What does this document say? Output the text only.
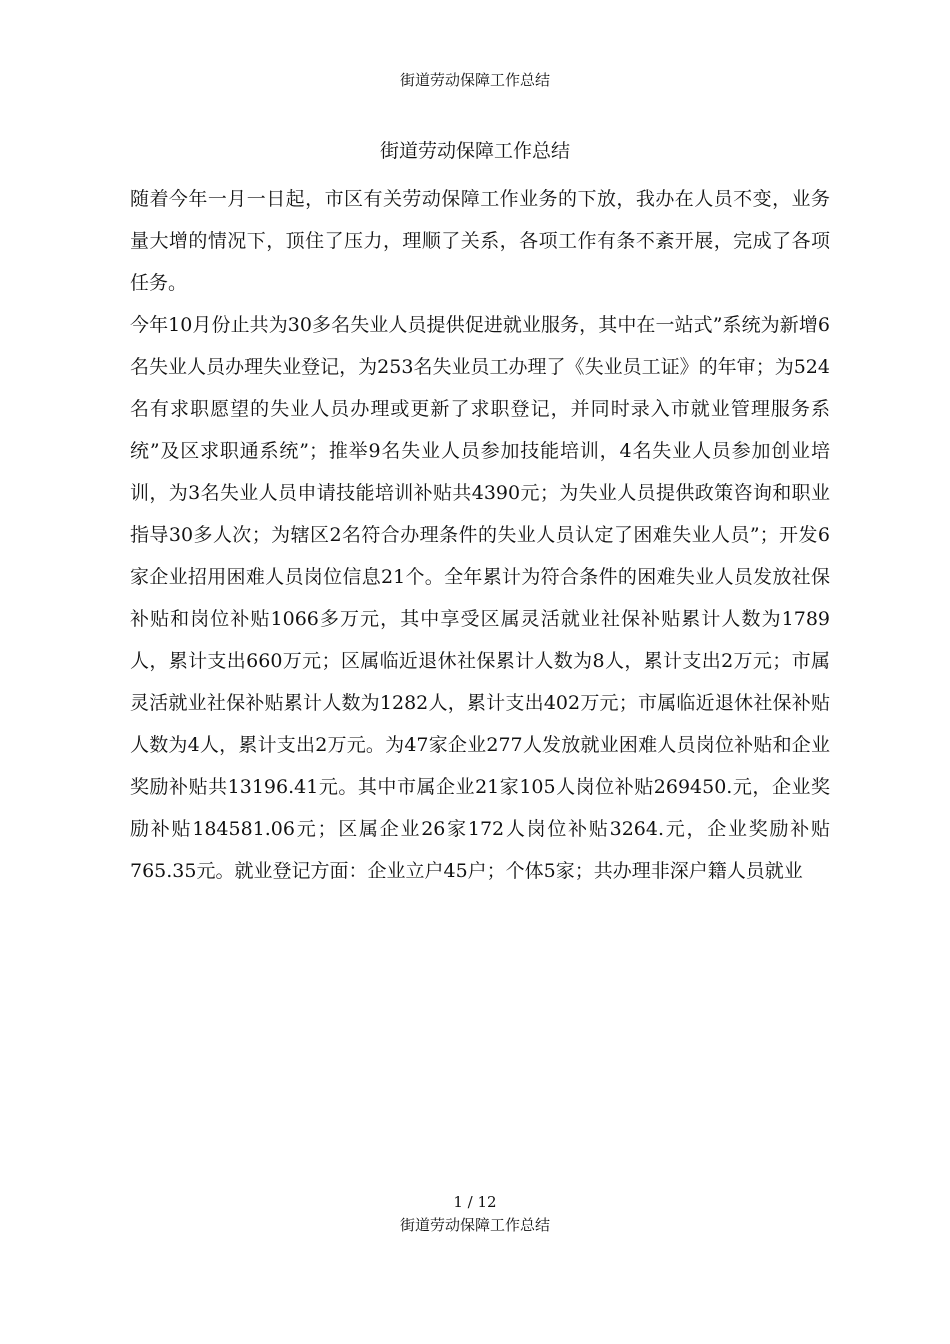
街道劳动保障工作总结
街道劳动保障工作总结

随着今年一月一日起，市区有关劳动保障工作业务的下放，我办在人员不变，业务量大增的情况下，顶住了压力，理顺了关系，各项工作有条不紊开展，完成了各项任务。

今年10月份止共为30多名失业人员提供促进就业服务，其中在一站式”系统为新增6名失业人员办理失业登记，为253名失业员工办理了《失业员工证》的年审；为524名有求职愿望的失业人员办理或更新了求职登记，并同时录入市就业管理服务系统”及区求职通系统”；推举9名失业人员参加技能培训，4名失业人员参加创业培训，为3名失业人员申请技能培训补贴共4390元；为失业人员提供政策咨询和职业指导30多人次；为辖区2名符合办理条件的失业人员认定了困难失业人员”；开发6家企业招用困难人员岗位信息21个。全年累计为符合条件的困难失业人员发放社保补贴和岗位补贴1066多万元，其中享受区属灵活就业社保补贴累计人数为1789人，累计支出660万元；区属临近退休社保累计人数为8人，累计支出2万元；市属灵活就业社保补贴累计人数为1282人，累计支出402万元；市属临近退休社保补贴人数为4人，累计支出2万元。为47家企业277人发放就业困难人员岗位补贴和企业奖励补贴共13196.41元。其中市属企业21家105人岗位补贴269450.元，企业奖励补贴184581.06元；区属企业26家172人岗位补贴3264.元，企业奖励补贴765.35元。就业登记方面：企业立户45户；个体5家；共办理非深户籍人员就业

1 / 12
街道劳动保障工作总结
